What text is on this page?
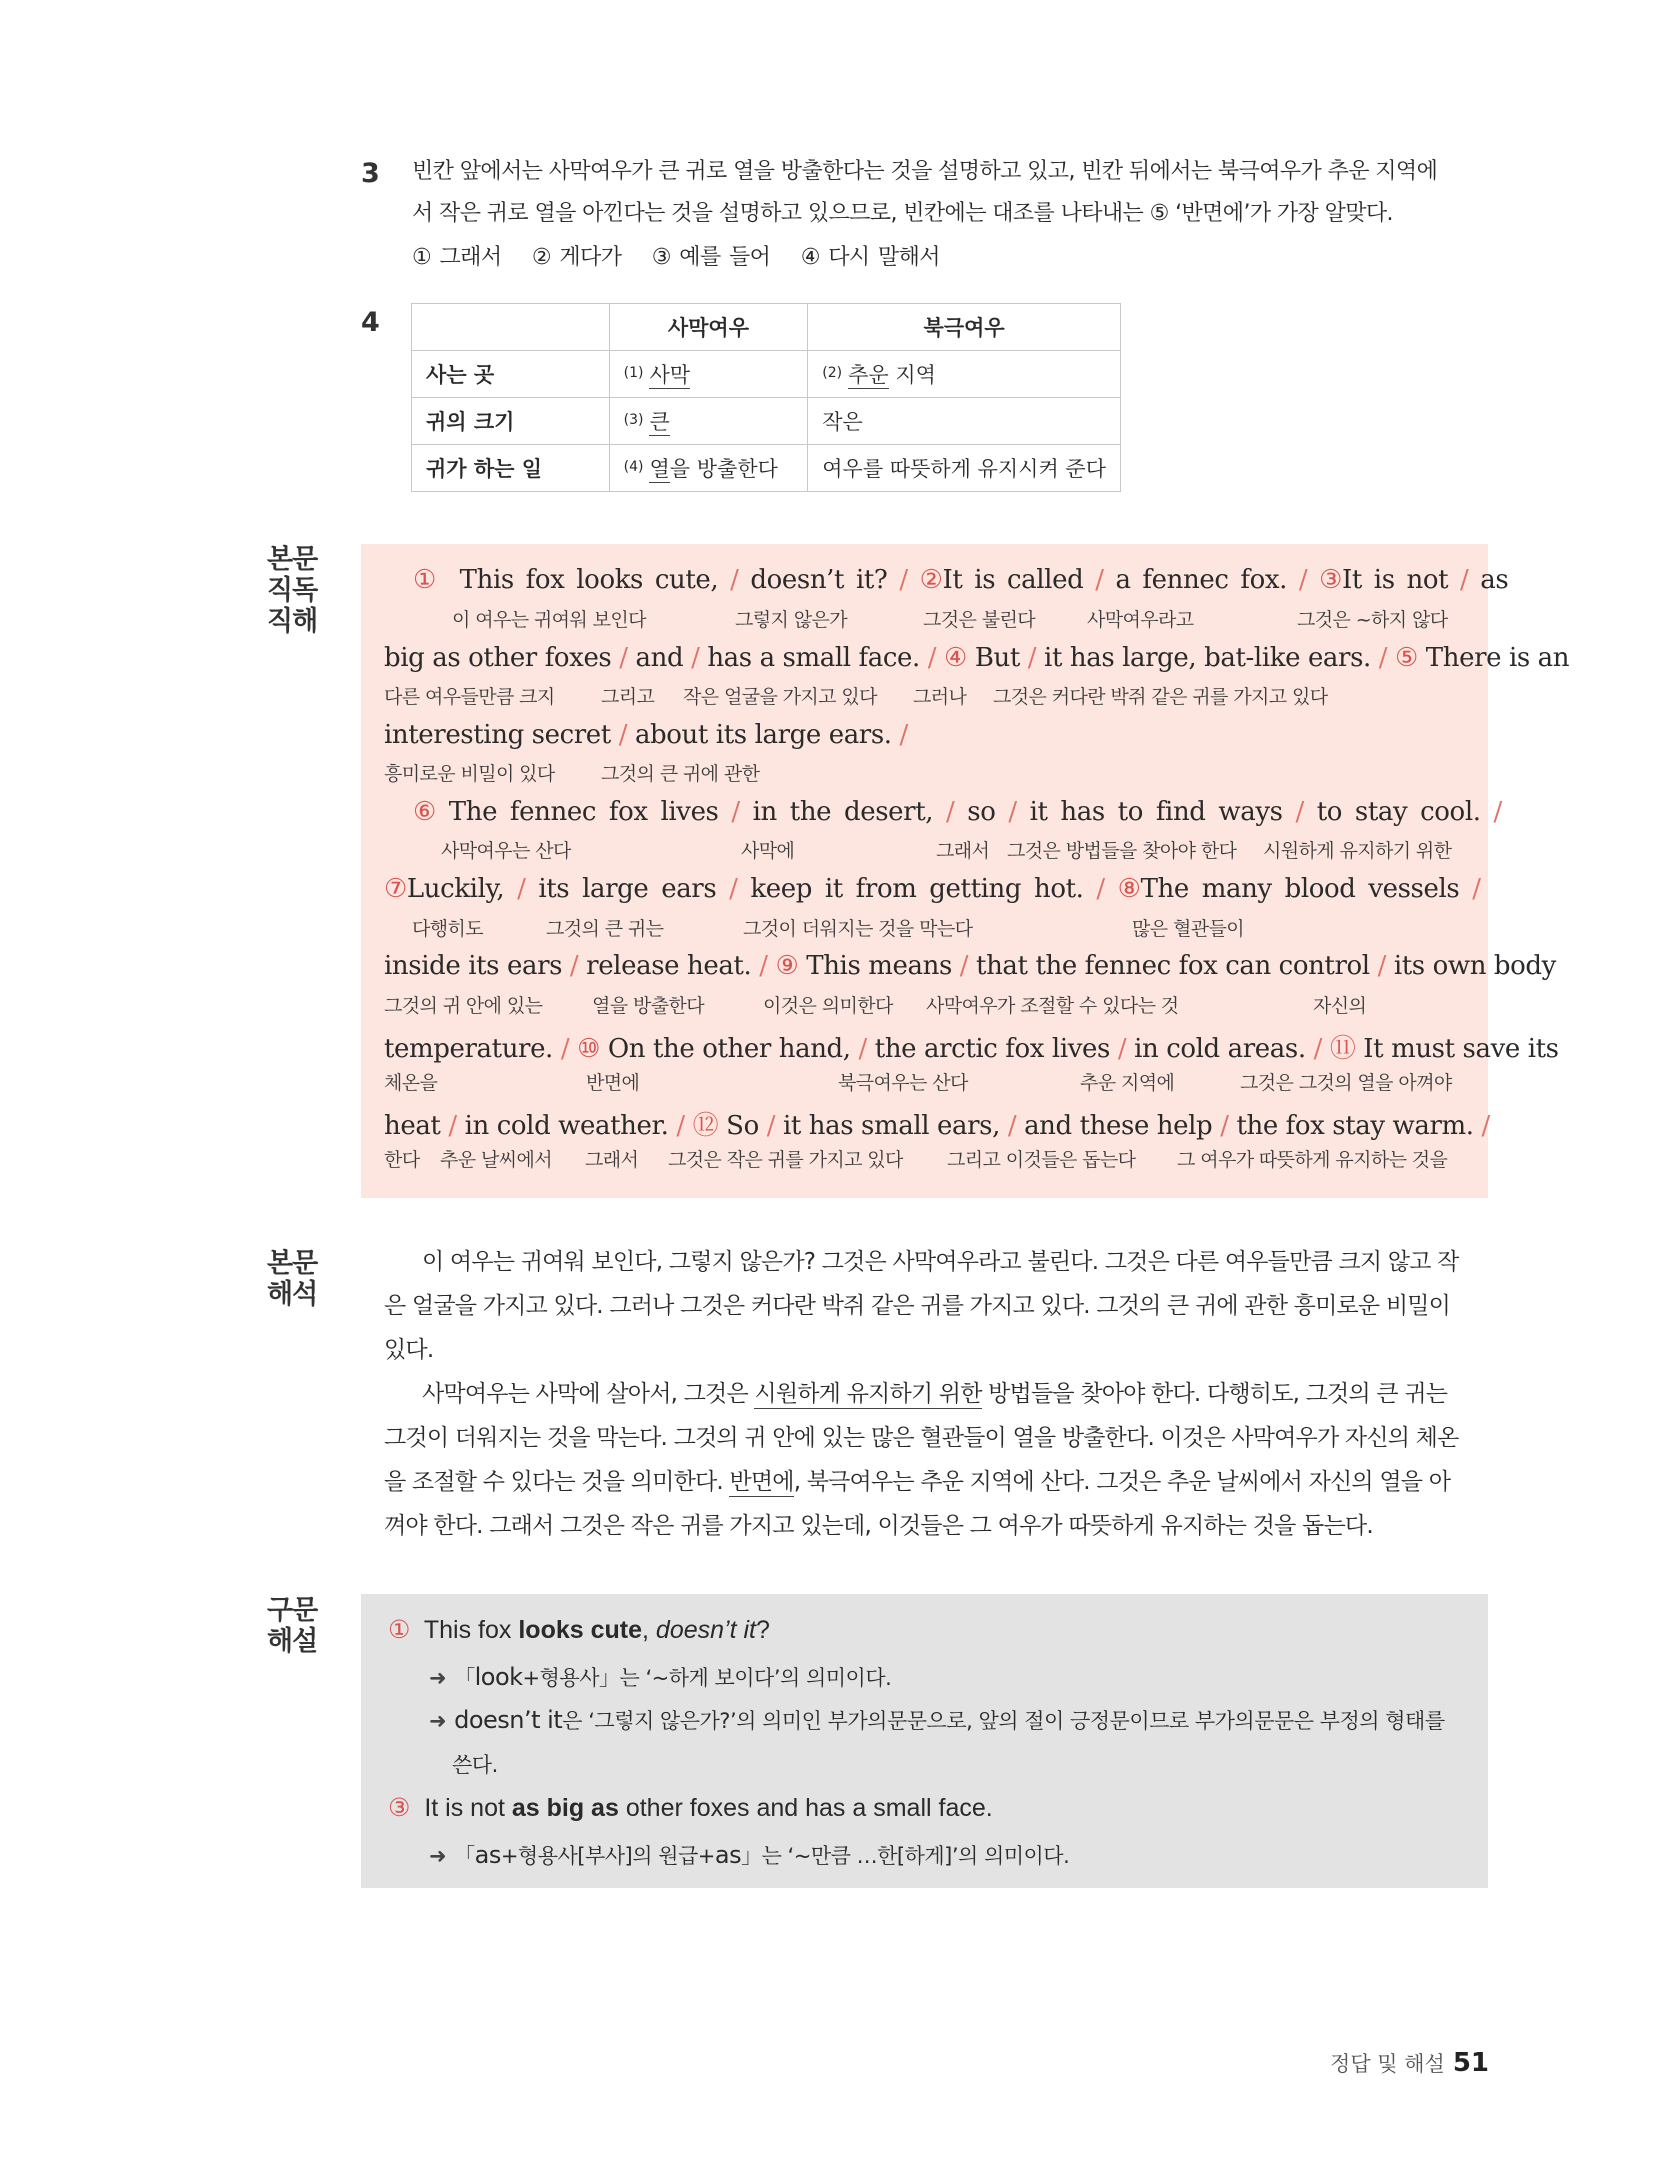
3 빈칸 앞에서는 사막여우가 큰 귀로 열을 방출한다는 것을 설명하고 있고, 빈칸 뒤에서는 북극여우가 추운 지역에
서 작은 귀로 열을 아낀다는 것을 설명하고 있으므로, 빈칸에는 대조를 나타내는 ⑤ ‘반면에’가 가장 알맞다.
① 그래서 ② 게다가 ③ 예를 들어 ④ 다시 말해서
4
		사막여우	북극여우
사는 곳	$^{(1)}$ 사막	$^{(2)}$ 추운 지역
귀의 크기	$^{(3)}$ 큰	작은
귀가 하는 일	$^{(4)}$ 열을 방출한다	여우를 따뜻하게 유지시켜 준다
본문
직독
직해
본문
해석
구문
해설
① This fox looks cute, / doesn’t it? / ②It is called / a fennec fox. / ③It is not / as
이 여우는 귀여워 보인다	그렇지 않은가	그것은 불린다	사막여우라고	그것은 ~하지 않다
big as other foxes / and / has a small face. / ④ But / it has large, bat-like ears. / ⑤ There is an
다른 여우들만큼 크지 그리고 작은 얼굴을 가지고 있다 그러나 그것은 커다란 박쥐 같은 귀를 가지고 있다
interesting secret / about its large ears. /
흥미로운 비밀이 있다 그것의 큰 귀에 관한
⑥ The fennec fox lives / in the desert, / so / it has to find ways / to stay cool. /
사막여우는 산다	사막에	그래서 그것은 방법들을 찾아야 한다 시원하게 유지하기 위한
⑦Luckily, / its large ears / keep it from getting hot. / ⑧The many blood vessels /
다행히도	그것의 큰 귀는	그것이 더워지는 것을 막는다	많은 혈관들이
inside its ears / release heat. / ⑨ This means / that the fennec fox can control / its own body
그것의 귀 안에 있는	열을 방출한다	이것은 의미한다 사막여우가 조절할 수 있다는 것	자신의
temperature. / ⑩ On the other hand, / the arctic fox lives / in cold areas. / ⑪ It must save its
체온을	반면에	북극여우는 산다	추운 지역에	그것은 그것의 열을 아껴야
heat / in cold weather. / ⑫ So / it has small ears, / and these help / the fox stay warm. /
한다 추운 날씨에서 그래서 그것은 작은 귀를 가지고 있다 그리고 이것들은 돕는다 그 여우가 따뜻하게 유지하는 것을
이 여우는 귀여워 보인다, 그렇지 않은가? 그것은 사막여우라고 불린다. 그것은 다른 여우들만큼 크지 않고 작
은 얼굴을 가지고 있다. 그러나 그것은 커다란 박쥐 같은 귀를 가지고 있다. 그것의 큰 귀에 관한 흥미로운 비밀이
있다.
사막여우는 사막에 살아서, 그것은 시원하게 유지하기 위한 방법들을 찾아야 한다. 다행히도, 그것의 큰 귀는
그것이 더워지는 것을 막는다. 그것의 귀 안에 있는 많은 혈관들이 열을 방출한다. 이것은 사막여우가 자신의 체온
을 조절할 수 있다는 것을 의미한다. 반면에, 북극여우는 추운 지역에 산다. 그것은 추운 날씨에서 자신의 열을 아
껴야 한다. 그래서 그것은 작은 귀를 가지고 있는데, 이것들은 그 여우가 따뜻하게 유지하는 것을 돕는다.
① This fox looks cute, doesn’t it?
➜ 「look+형용사」는 ‘~하게 보이다’의 의미이다.
➜ doesn’t it은 ‘그렇지 않은가?’의 의미인 부가의문문으로, 앞의 절이 긍정문이므로 부가의문문은 부정의 형태를
쓴다.
③ It is not as big as other foxes and has a small face.
➜ 「as+형용사[부사]의 원급+as」는 ‘~만큼 …한[하게]’의 의미이다.
정답 및 해설 51
